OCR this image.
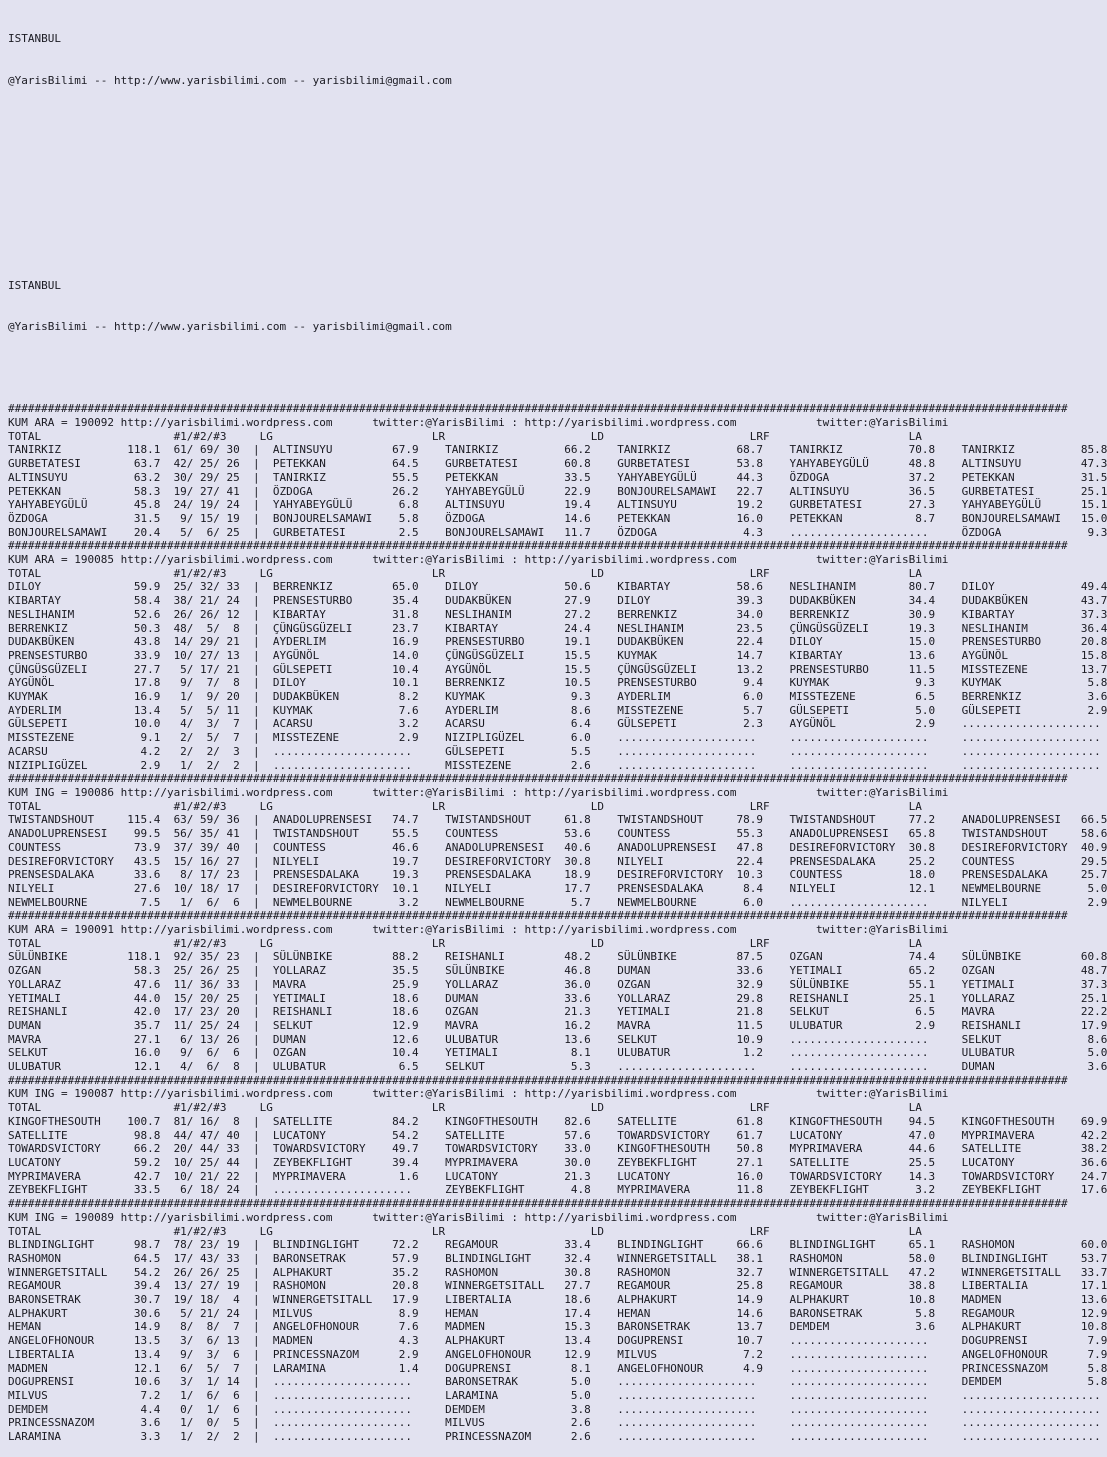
ISTANBUL

@YarisBilimi -- http://www.yarisbilimi.com -- yarisbilimi@gmail.com

ISTANBUL

@YarisBilimi -- http://www.yarisbilimi.com -- yarisbilimi@gmail.com

################################################################################################################################################################
KUM ARA = 190092 http://yarisbilimi.wordpress.com      twitter:@YarisBilimi : http://yarisbilimi.wordpress.com            twitter:@YarisBilimi
TOTAL                    #1/#2/#3     LG                        LR                      LD                      LRF                     LA
TANIRKIZ          118.1  61/ 69/ 30  |  ALTINSUYU         67.9    TANIRKIZ          66.2    TANIRKIZ          68.7    TANIRKIZ          70.8    TANIRKIZ          85.8
GURBETATESI        63.7  42/ 25/ 26  |  PETEKKAN          64.5    GURBETATESI       60.8    GURBETATESI       53.8    YAHYABEYGÜLÜ      48.8    ALTINSUYU         47.3
ALTINSUYU          63.2  30/ 29/ 25  |  TANIRKIZ          55.5    PETEKKAN          33.5    YAHYABEYGÜLÜ      44.3    ÖZDOGA            37.2    PETEKKAN          31.5
PETEKKAN           58.3  19/ 27/ 41  |  ÖZDOGA            26.2    YAHYABEYGÜLÜ      22.9    BONJOURELSAMAWI   22.7    ALTINSUYU         36.5    GURBETATESI       25.1
YAHYABEYGÜLÜ       45.8  24/ 19/ 24  |  YAHYABEYGÜLÜ       6.8    ALTINSUYU         19.4    ALTINSUYU         19.2    GURBETATESI       27.3    YAHYABEYGÜLÜ      15.1
ÖZDOGA             31.5   9/ 15/ 19  |  BONJOURELSAMAWI    5.8    ÖZDOGA            14.6    PETEKKAN          16.0    PETEKKAN           8.7    BONJOURELSAMAWI   15.0
BONJOURELSAMAWI    20.4   5/  6/ 25  |  GURBETATESI        2.5    BONJOURELSAMAWI   11.7    ÖZDOGA             4.3    .....................     ÖZDOGA             9.3
################################################################################################################################################################
KUM ARA = 190085 http://yarisbilimi.wordpress.com      twitter:@YarisBilimi : http://yarisbilimi.wordpress.com            twitter:@YarisBilimi
TOTAL                    #1/#2/#3     LG                        LR                      LD                      LRF                     LA
DILOY              59.9  25/ 32/ 33  |  BERRENKIZ         65.0    DILOY             50.6    KIBARTAY          58.6    NESLIHANIM        80.7    DILOY             49.4
KIBARTAY           58.4  38/ 21/ 24  |  PRENSESTURBO      35.4    DUDAKBÜKEN        27.9    DILOY             39.3    DUDAKBÜKEN        34.4    DUDAKBÜKEN        43.7
NESLIHANIM         52.6  26/ 26/ 12  |  KIBARTAY          31.8    NESLIHANIM        27.2    BERRENKIZ         34.0    BERRENKIZ         30.9    KIBARTAY          37.3
BERRENKIZ          50.3  48/  5/  8  |  ÇÜNGÜSGÜZELI      23.7    KIBARTAY          24.4    NESLIHANIM        23.5    ÇÜNGÜSGÜZELI      19.3    NESLIHANIM        36.4
DUDAKBÜKEN         43.8  14/ 29/ 21  |  AYDERLIM          16.9    PRENSESTURBO      19.1    DUDAKBÜKEN        22.4    DILOY             15.0    PRENSESTURBO      20.8
PRENSESTURBO       33.9  10/ 27/ 13  |  AYGÜNÖL           14.0    ÇÜNGÜSGÜZELI      15.5    KUYMAK            14.7    KIBARTAY          13.6    AYGÜNÖL           15.8
ÇÜNGÜSGÜZELI       27.7   5/ 17/ 21  |  GÜLSEPETI         10.4    AYGÜNÖL           15.5    ÇÜNGÜSGÜZELI      13.2    PRENSESTURBO      11.5    MISSTEZENE        13.7
AYGÜNÖL            17.8   9/  7/  8  |  DILOY             10.1    BERRENKIZ         10.5    PRENSESTURBO       9.4    KUYMAK             9.3    KUYMAK             5.8
KUYMAK             16.9   1/  9/ 20  |  DUDAKBÜKEN         8.2    KUYMAK             9.3    AYDERLIM           6.0    MISSTEZENE         6.5    BERRENKIZ          3.6
AYDERLIM           13.4   5/  5/ 11  |  KUYMAK             7.6    AYDERLIM           8.6    MISSTEZENE         5.7    GÜLSEPETI          5.0    GÜLSEPETI          2.9
GÜLSEPETI          10.0   4/  3/  7  |  ACARSU             3.2    ACARSU             6.4    GÜLSEPETI          2.3    AYGÜNÖL            2.9    .....................
MISSTEZENE          9.1   2/  5/  7  |  MISSTEZENE         2.9    NIZIPLIGÜZEL       6.0    .....................     .....................     .....................
ACARSU              4.2   2/  2/  3  |  .....................     GÜLSEPETI          5.5    .....................     .....................     .....................
NIZIPLIGÜZEL        2.9   1/  2/  2  |  .....................     MISSTEZENE         2.6    .....................     .....................     .....................
################################################################################################################################################################
KUM ING = 190086 http://yarisbilimi.wordpress.com      twitter:@YarisBilimi : http://yarisbilimi.wordpress.com            twitter:@YarisBilimi
TOTAL                    #1/#2/#3     LG                        LR                      LD                      LRF                     LA
TWISTANDSHOUT     115.4  63/ 59/ 36  |  ANADOLUPRENSESI   74.7    TWISTANDSHOUT     61.8    TWISTANDSHOUT     78.9    TWISTANDSHOUT     77.2    ANADOLUPRENSESI   66.5
ANADOLUPRENSESI    99.5  56/ 35/ 41  |  TWISTANDSHOUT     55.5    COUNTESS          53.6    COUNTESS          55.3    ANADOLUPRENSESI   65.8    TWISTANDSHOUT     58.6
COUNTESS           73.9  37/ 39/ 40  |  COUNTESS          46.6    ANADOLUPRENSESI   40.6    ANADOLUPRENSESI   47.8    DESIREFORVICTORY  30.8    DESIREFORVICTORY  40.9
DESIREFORVICTORY   43.5  15/ 16/ 27  |  NILYELI           19.7    DESIREFORVICTORY  30.8    NILYELI           22.4    PRENSESDALAKA     25.2    COUNTESS          29.5
PRENSESDALAKA      33.6   8/ 17/ 23  |  PRENSESDALAKA     19.3    PRENSESDALAKA     18.9    DESIREFORVICTORY  10.3    COUNTESS          18.0    PRENSESDALAKA     25.7
NILYELI            27.6  10/ 18/ 17  |  DESIREFORVICTORY  10.1    NILYELI           17.7    PRENSESDALAKA      8.4    NILYELI           12.1    NEWMELBOURNE       5.0
NEWMELBOURNE        7.5   1/  6/  6  |  NEWMELBOURNE       3.2    NEWMELBOURNE       5.7    NEWMELBOURNE       6.0    .....................     NILYELI            2.9
################################################################################################################################################################
KUM ARA = 190091 http://yarisbilimi.wordpress.com      twitter:@YarisBilimi : http://yarisbilimi.wordpress.com            twitter:@YarisBilimi
TOTAL                    #1/#2/#3     LG                        LR                      LD                      LRF                     LA
SÜLÜNBIKE         118.1  92/ 35/ 23  |  SÜLÜNBIKE         88.2    REISHANLI         48.2    SÜLÜNBIKE         87.5    OZGAN             74.4    SÜLÜNBIKE         60.8
OZGAN              58.3  25/ 26/ 25  |  YOLLARAZ          35.5    SÜLÜNBIKE         46.8    DUMAN             33.6    YETIMALI          65.2    OZGAN             48.7
YOLLARAZ           47.6  11/ 36/ 33  |  MAVRA             25.9    YOLLARAZ          36.0    OZGAN             32.9    SÜLÜNBIKE         55.1    YETIMALI          37.3
YETIMALI           44.0  15/ 20/ 25  |  YETIMALI          18.6    DUMAN             33.6    YOLLARAZ          29.8    REISHANLI         25.1    YOLLARAZ          25.1
REISHANLI          42.0  17/ 23/ 20  |  REISHANLI         18.6    OZGAN             21.3    YETIMALI          21.8    SELKUT             6.5    MAVRA             22.2
DUMAN              35.7  11/ 25/ 24  |  SELKUT            12.9    MAVRA             16.2    MAVRA             11.5    ULUBATUR           2.9    REISHANLI         17.9
MAVRA              27.1   6/ 13/ 26  |  DUMAN             12.6    ULUBATUR          13.6    SELKUT            10.9    .....................     SELKUT             8.6
SELKUT             16.0   9/  6/  6  |  OZGAN             10.4    YETIMALI           8.1    ULUBATUR           1.2    .....................     ULUBATUR           5.0
ULUBATUR           12.1   4/  6/  8  |  ULUBATUR           6.5    SELKUT             5.3    .....................     .....................     DUMAN              3.6
################################################################################################################################################################
KUM ING = 190087 http://yarisbilimi.wordpress.com      twitter:@YarisBilimi : http://yarisbilimi.wordpress.com            twitter:@YarisBilimi
TOTAL                    #1/#2/#3     LG                        LR                      LD                      LRF                     LA
KINGOFTHESOUTH    100.7  81/ 16/  8  |  SATELLITE         84.2    KINGOFTHESOUTH    82.6    SATELLITE         61.8    KINGOFTHESOUTH    94.5    KINGOFTHESOUTH    69.9
SATELLITE          98.8  44/ 47/ 40  |  LUCATONY          54.2    SATELLITE         57.6    TOWARDSVICTORY    61.7    LUCATONY          47.0    MYPRIMAVERA       42.2
TOWARDSVICTORY     66.2  20/ 44/ 33  |  TOWARDSVICTORY    49.7    TOWARDSVICTORY    33.0    KINGOFTHESOUTH    50.8    MYPRIMAVERA       44.6    SATELLITE         38.2
LUCATONY           59.2  10/ 25/ 44  |  ZEYBEKFLIGHT      39.4    MYPRIMAVERA       30.0    ZEYBEKFLIGHT      27.1    SATELLITE         25.5    LUCATONY          36.6
MYPRIMAVERA        42.7  10/ 21/ 22  |  MYPRIMAVERA        1.6    LUCATONY          21.3    LUCATONY          16.0    TOWARDSVICTORY    14.3    TOWARDSVICTORY    24.7
ZEYBEKFLIGHT       33.5   6/ 18/ 24  |  .....................     ZEYBEKFLIGHT       4.8    MYPRIMAVERA       11.8    ZEYBEKFLIGHT       3.2    ZEYBEKFLIGHT      17.6
################################################################################################################################################################
KUM ING = 190089 http://yarisbilimi.wordpress.com      twitter:@YarisBilimi : http://yarisbilimi.wordpress.com            twitter:@YarisBilimi
TOTAL                    #1/#2/#3     LG                        LR                      LD                      LRF                     LA
BLINDINGLIGHT      98.7  78/ 23/ 19  |  BLINDINGLIGHT     72.2    REGAMOUR          33.4    BLINDINGLIGHT     66.6    BLINDINGLIGHT     65.1    RASHOMON          60.0
RASHOMON           64.5  17/ 43/ 33  |  BARONSETRAK       57.9    BLINDINGLIGHT     32.4    WINNERGETSITALL   38.1    RASHOMON          58.0    BLINDINGLIGHT     53.7
WINNERGETSITALL    54.2  26/ 26/ 25  |  ALPHAKURT         35.2    RASHOMON          30.8    RASHOMON          32.7    WINNERGETSITALL   47.2    WINNERGETSITALL   33.7
REGAMOUR           39.4  13/ 27/ 19  |  RASHOMON          20.8    WINNERGETSITALL   27.7    REGAMOUR          25.8    REGAMOUR          38.8    LIBERTALIA        17.1
BARONSETRAK        30.7  19/ 18/  4  |  WINNERGETSITALL   17.9    LIBERTALIA        18.6    ALPHAKURT         14.9    ALPHAKURT         10.8    MADMEN            13.6
ALPHAKURT          30.6   5/ 21/ 24  |  MILVUS             8.9    HEMAN             17.4    HEMAN             14.6    BARONSETRAK        5.8    REGAMOUR          12.9
HEMAN              14.9   8/  8/  7  |  ANGELOFHONOUR      7.6    MADMEN            15.3    BARONSETRAK       13.7    DEMDEM             3.6    ALPHAKURT         10.8
ANGELOFHONOUR      13.5   3/  6/ 13  |  MADMEN             4.3    ALPHAKURT         13.4    DOGUPRENSI        10.7    .....................     DOGUPRENSI         7.9
LIBERTALIA         13.4   9/  3/  6  |  PRINCESSNAZOM      2.9    ANGELOFHONOUR     12.9    MILVUS             7.2    .....................     ANGELOFHONOUR      7.9
MADMEN             12.1   6/  5/  7  |  LARAMINA           1.4    DOGUPRENSI         8.1    ANGELOFHONOUR      4.9    .....................     PRINCESSNAZOM      5.8
DOGUPRENSI         10.6   3/  1/ 14  |  .....................     BARONSETRAK        5.0    .....................     .....................     DEMDEM             5.8
MILVUS              7.2   1/  6/  6  |  .....................     LARAMINA           5.0    .....................     .....................     .....................
DEMDEM              4.4   0/  1/  6  |  .....................     DEMDEM             3.8    .....................     .....................     .....................
PRINCESSNAZOM       3.6   1/  0/  5  |  .....................     MILVUS             2.6    .....................     .....................     .....................
LARAMINA            3.3   1/  2/  2  |  .....................     PRINCESSNAZOM      2.6    .....................     .....................     .....................
